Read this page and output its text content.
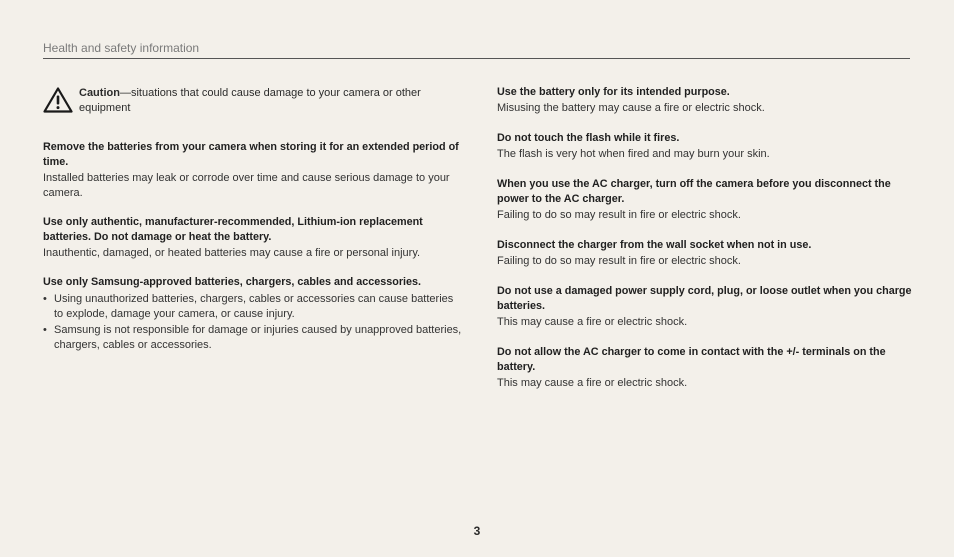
Health and safety information
Caution—situations that could cause damage to your camera or other equipment
Remove the batteries from your camera when storing it for an extended period of time.
Installed batteries may leak or corrode over time and cause serious damage to your camera.
Use only authentic, manufacturer-recommended, Lithium-ion replacement batteries. Do not damage or heat the battery.
Inauthentic, damaged, or heated batteries may cause a fire or personal injury.
Use only Samsung-approved batteries, chargers, cables and accessories.
• Using unauthorized batteries, chargers, cables or accessories can cause batteries to explode, damage your camera, or cause injury.
• Samsung is not responsible for damage or injuries caused by unapproved batteries, chargers, cables or accessories.
Use the battery only for its intended purpose.
Misusing the battery may cause a fire or electric shock.
Do not touch the flash while it fires.
The flash is very hot when fired and may burn your skin.
When you use the AC charger, turn off the camera before you disconnect the power to the AC charger.
Failing to do so may result in fire or electric shock.
Disconnect the charger from the wall socket when not in use.
Failing to do so may result in fire or electric shock.
Do not use a damaged power supply cord, plug, or loose outlet when you charge batteries.
This may cause a fire or electric shock.
Do not allow the AC charger to come in contact with the +/- terminals on the battery.
This may cause a fire or electric shock.
3
